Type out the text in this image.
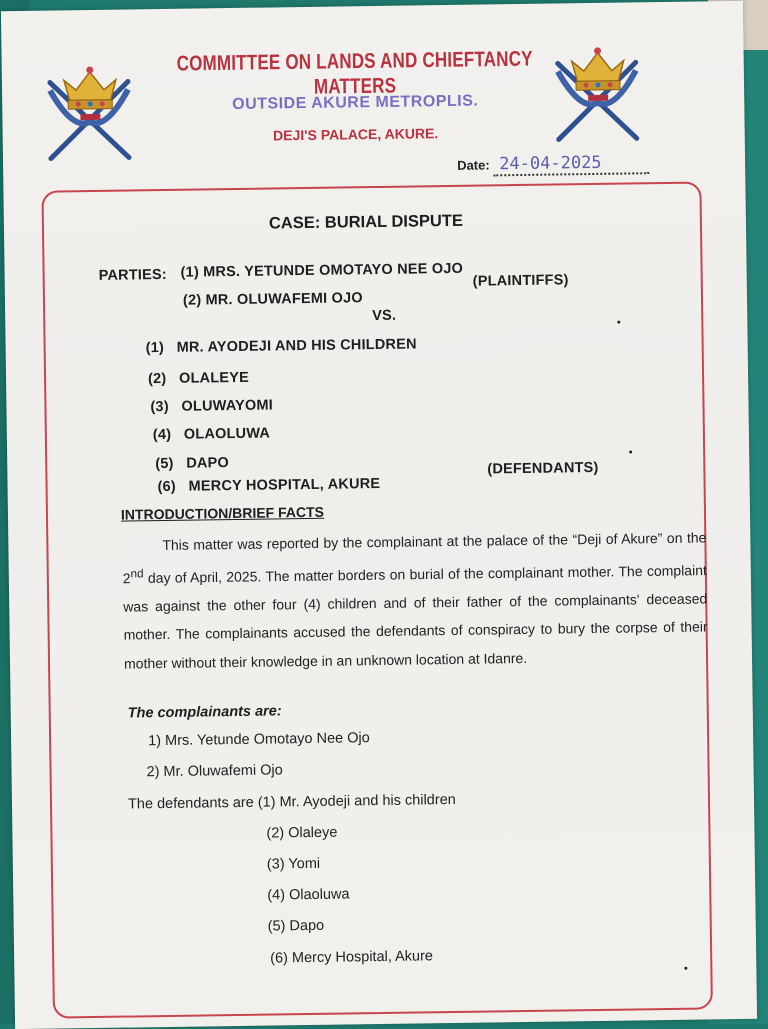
COMMITTEE ON LANDS AND CHIEFTANCY MATTERS
OUTSIDE AKURE METROPLIS.
DEJI'S PALACE, AKURE.
Date: 24-04-2025
CASE: BURIAL DISPUTE
PARTIES: (1) MRS. YETUNDE OMOTAYO NEE OJO
(2) MR. OLUWAFEMI OJO
(PLAINTIFFS)
VS.
(1) MR. AYODEJI AND HIS CHILDREN
(2) OLALEYE
(3) OLUWAYOMI
(4) OLAOLUWA
(5) DAPO
(6) MERCY HOSPITAL, AKURE
(DEFENDANTS)
INTRODUCTION/BRIEF FACTS

This matter was reported by the complainant at the palace of the “Deji of Akure” on the 2nd day of April, 2025. The matter borders on burial of the complainant mother. The complaint was against the other four (4) children and of their father of the complainants' deceased mother. The complainants accused the defendants of conspiracy to bury the corpse of their mother without their knowledge in an unknown location at Idanre.

The complainants are:
1) Mrs. Yetunde Omotayo Nee Ojo
2) Mr. Oluwafemi Ojo
The defendants are (1) Mr. Ayodeji and his children
(2) Olaleye
(3) Yomi
(4) Olaoluwa
(5) Dapo
(6) Mercy Hospital, Akure
